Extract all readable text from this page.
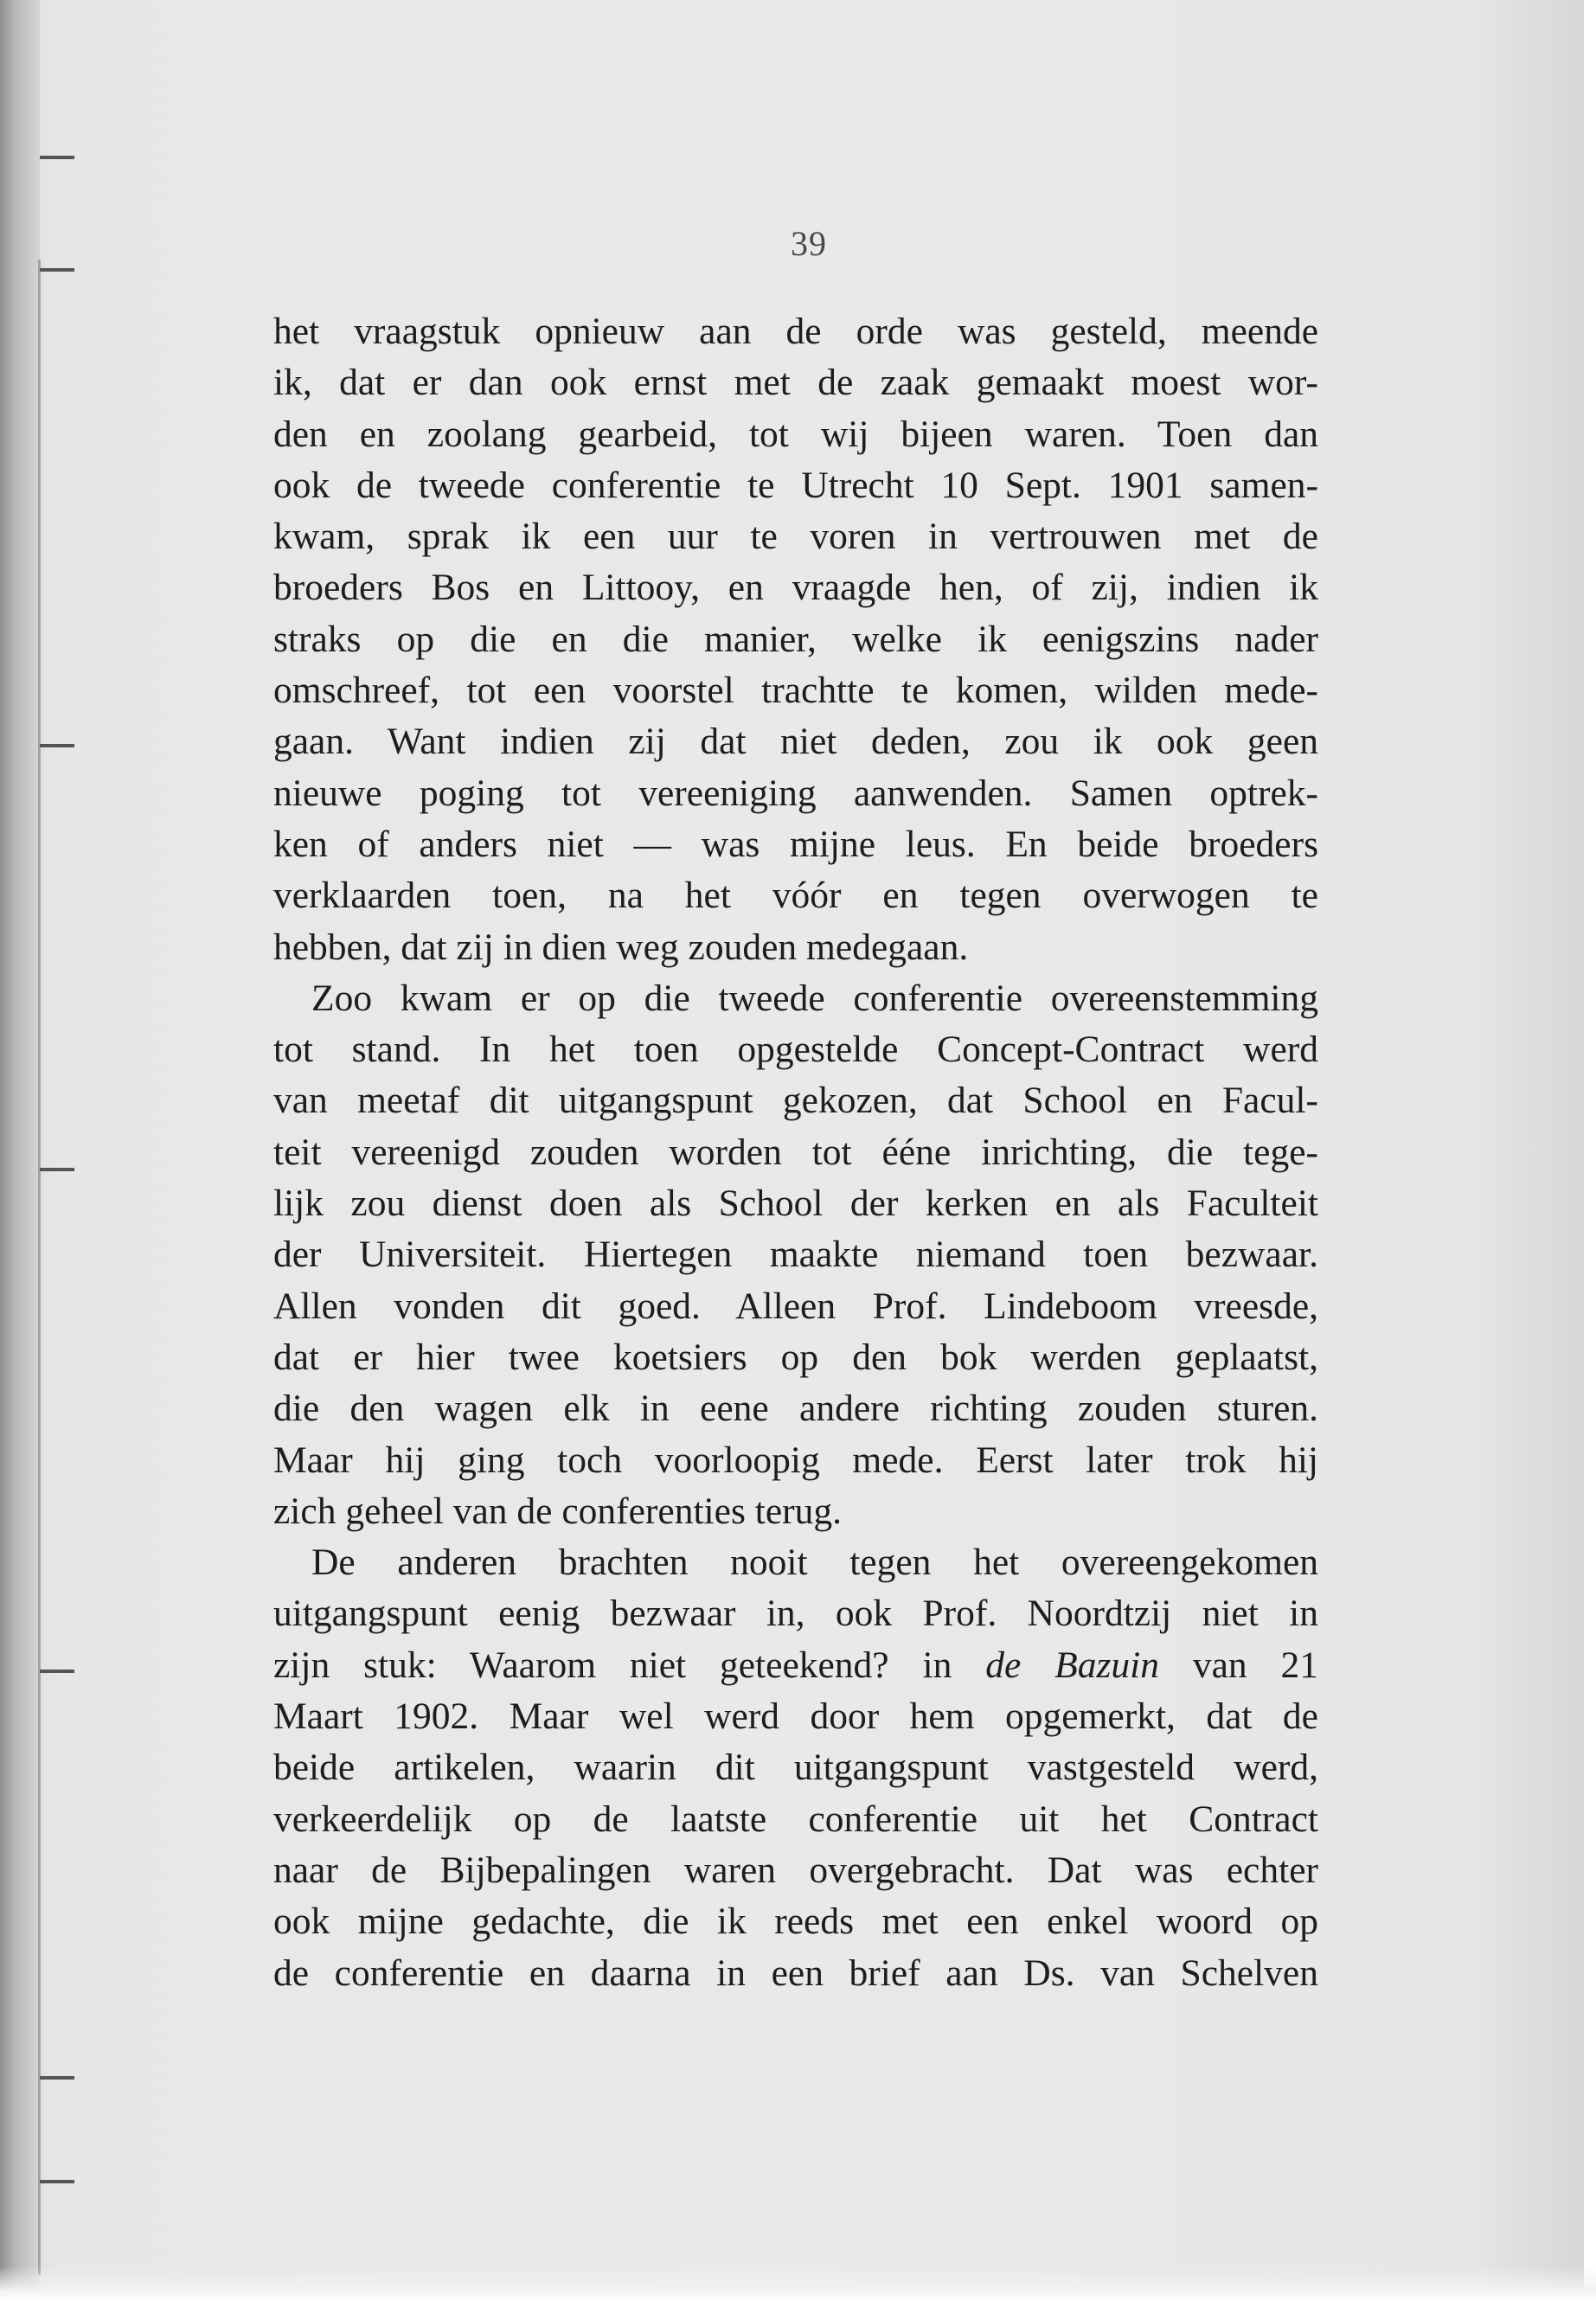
39
het vraagstuk opnieuw aan de orde was gesteld, meende
ik, dat er dan ook ernst met de zaak gemaakt moest wor-
den en zoolang gearbeid, tot wij bijeen waren. Toen dan
ook de tweede conferentie te Utrecht 10 Sept. 1901 samen-
kwam, sprak ik een uur te voren in vertrouwen met de
broeders Bos en Littooy, en vraagde hen, of zij, indien ik
straks op die en die manier, welke ik eenigszins nader
omschreef, tot een voorstel trachtte te komen, wilden mede-
gaan. Want indien zij dat niet deden, zou ik ook geen
nieuwe poging tot vereeniging aanwenden. Samen optrek-
ken of anders niet — was mijne leus. En beide broeders
verklaarden toen, na het vóór en tegen overwogen te
hebben, dat zij in dien weg zouden medegaan.
Zoo kwam er op die tweede conferentie overeenstemming
tot stand. In het toen opgestelde Concept-Contract werd
van meetaf dit uitgangspunt gekozen, dat School en Facul-
teit vereenigd zouden worden tot ééne inrichting, die tege-
lijk zou dienst doen als School der kerken en als Faculteit
der Universiteit. Hiertegen maakte niemand toen bezwaar.
Allen vonden dit goed. Alleen Prof. Lindeboom vreesde,
dat er hier twee koetsiers op den bok werden geplaatst,
die den wagen elk in eene andere richting zouden sturen.
Maar hij ging toch voorloopig mede. Eerst later trok hij
zich geheel van de conferenties terug.
De anderen brachten nooit tegen het overeengekomen
uitgangspunt eenig bezwaar in, ook Prof. Noordtzij niet in
zijn stuk: Waarom niet geteekend? in de Bazuin van 21
Maart 1902. Maar wel werd door hem opgemerkt, dat de
beide artikelen, waarin dit uitgangspunt vastgesteld werd,
verkeerdelijk op de laatste conferentie uit het Contract
naar de Bijbepalingen waren overgebracht. Dat was echter
ook mijne gedachte, die ik reeds met een enkel woord op
de conferentie en daarna in een brief aan Ds. van Schelven
